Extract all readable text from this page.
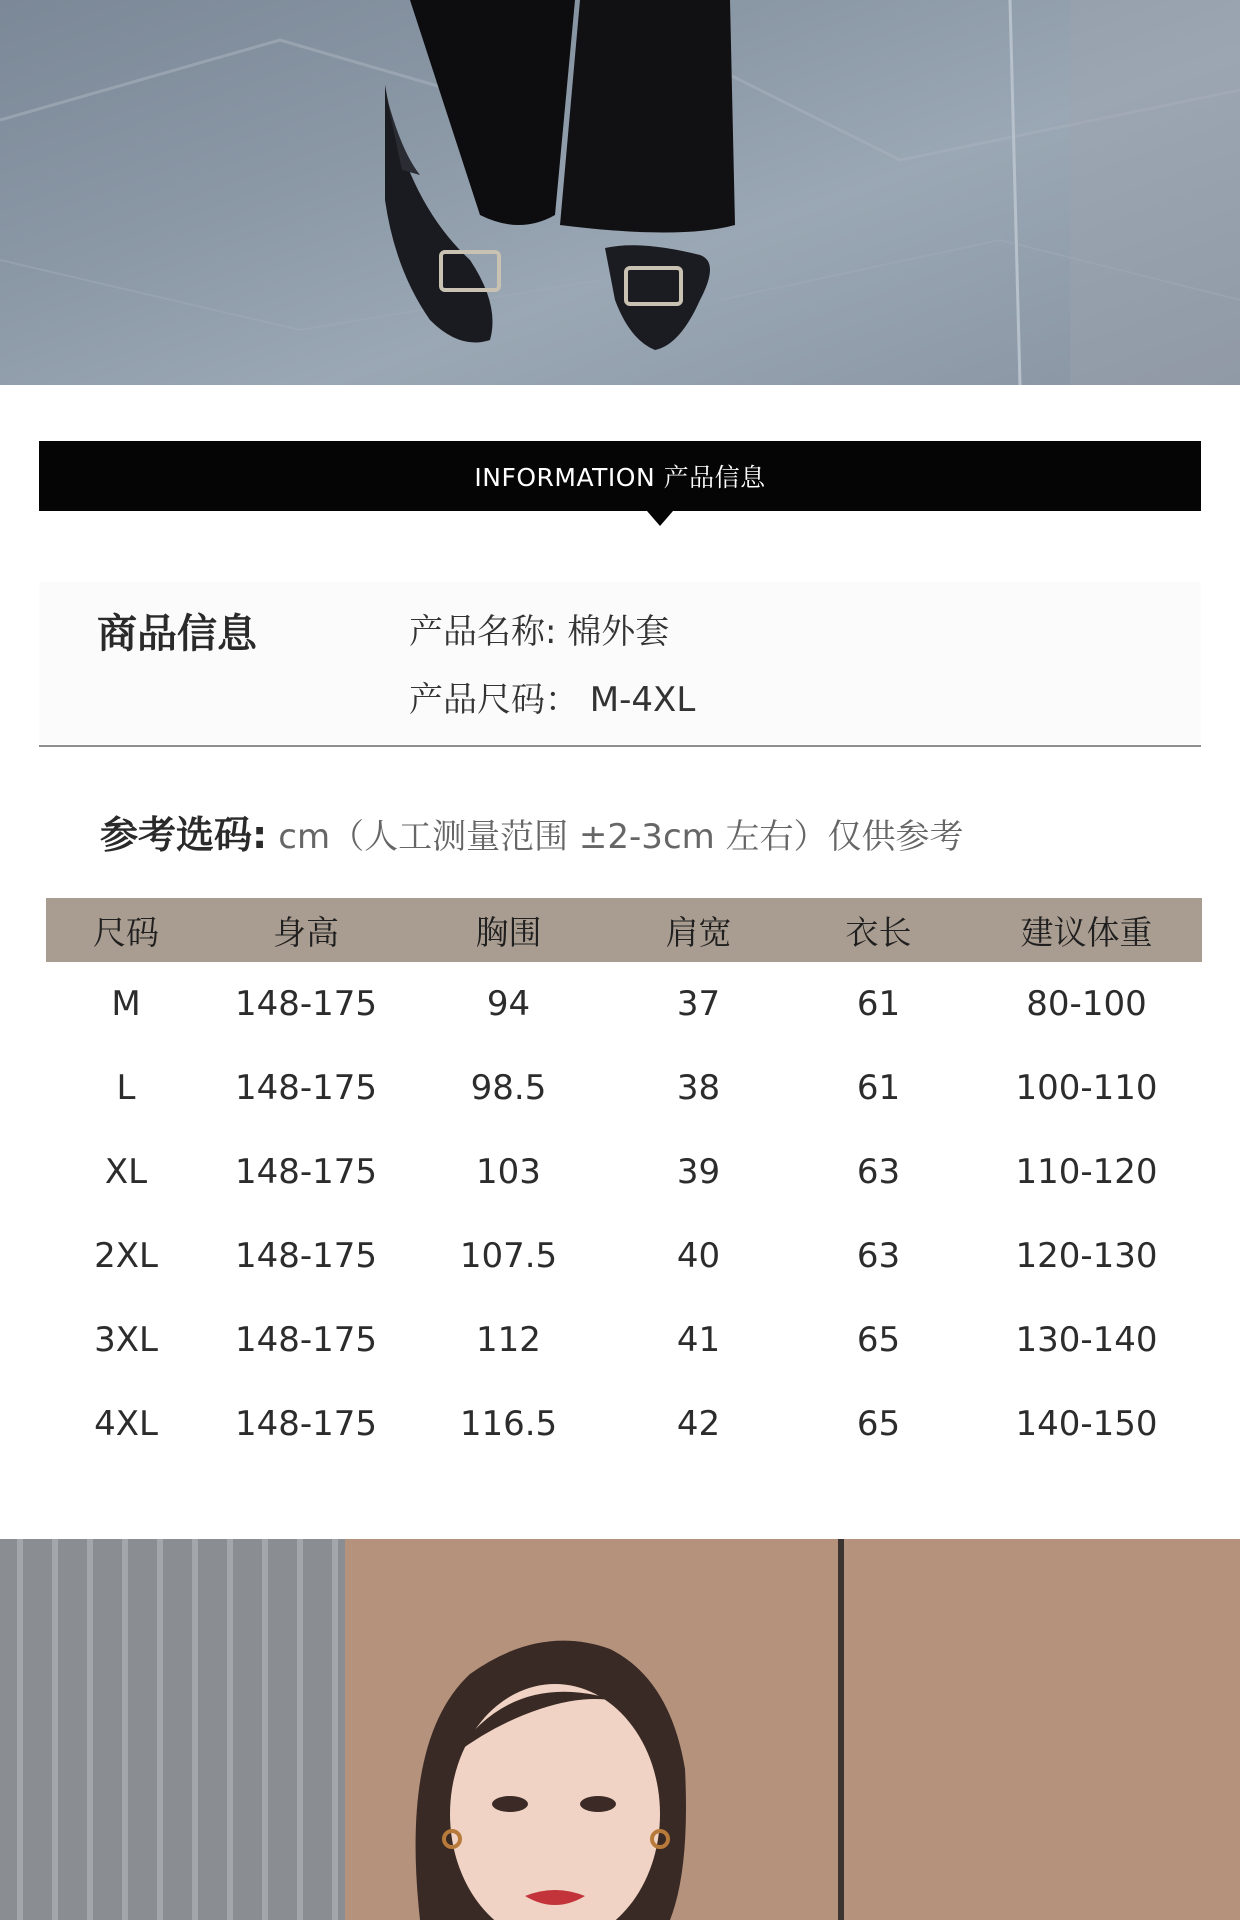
INFORMATION 产品信息
商品信息	产品名称: 棉外套
产品尺码： M-4XL
参考选码: cm（人工测量范围 ±2-3cm 左右）仅供参考
尺码	身高	胸围	肩宽	衣长	建议体重
M	148-175	94	37	61	80-100
L	148-175	98.5	38	61	100-110
XL	148-175	103	39	63	110-120
2XL	148-175	107.5	40	63	120-130
3XL	148-175	112	41	65	130-140
4XL	148-175	116.5	42	65	140-150
